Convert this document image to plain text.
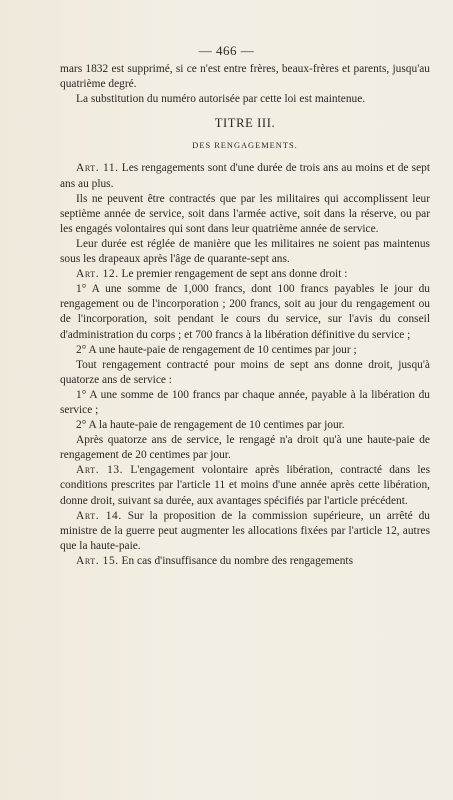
— 466 —

mars 1832 est supprimé, si ce n'est entre frères, beaux-frères et parents, jusqu'au quatrième degré.

La substitution du numéro autorisée par cette loi est maintenue.

TITRE III.

DES RENGAGEMENTS.

Art. 11. Les rengagements sont d'une durée de trois ans au moins et de sept ans au plus.

Ils ne peuvent être contractés que par les militaires qui accomplissent leur septième année de service, soit dans l'armée active, soit dans la réserve, ou par les engagés volontaires qui sont dans leur quatrième année de service.

Leur durée est réglée de manière que les militaires ne soient pas maintenus sous les drapeaux après l'âge de quarante-sept ans.

Art. 12. Le premier rengagement de sept ans donne droit :

1° A une somme de 1,000 francs, dont 100 francs payables le jour du rengagement ou de l'incorporation ; 200 francs, soit au jour du rengagement ou de l'incorporation, soit pendant le cours du service, sur l'avis du conseil d'administration du corps ; et 700 francs à la libération définitive du service ;

2° A une haute-paie de rengagement de 10 centimes par jour ;

Tout rengagement contracté pour moins de sept ans donne droit, jusqu'à quatorze ans de service :

1° A une somme de 100 francs par chaque année, payable à la libération du service ;

2° A la haute-paie de rengagement de 10 centimes par jour.

Après quatorze ans de service, le rengagé n'a droit qu'à une haute-paie de rengagement de 20 centimes par jour.

Art. 13. L'engagement volontaire après libération, contracté dans les conditions prescrites par l'article 11 et moins d'une année après cette libération, donne droit, suivant sa durée, aux avantages spécifiés par l'article précédent.

Art. 14. Sur la proposition de la commission supérieure, un arrêté du ministre de la guerre peut augmenter les allocations fixées par l'article 12, autres que la haute-paie.

Art. 15. En cas d'insuffisance du nombre des rengagements
